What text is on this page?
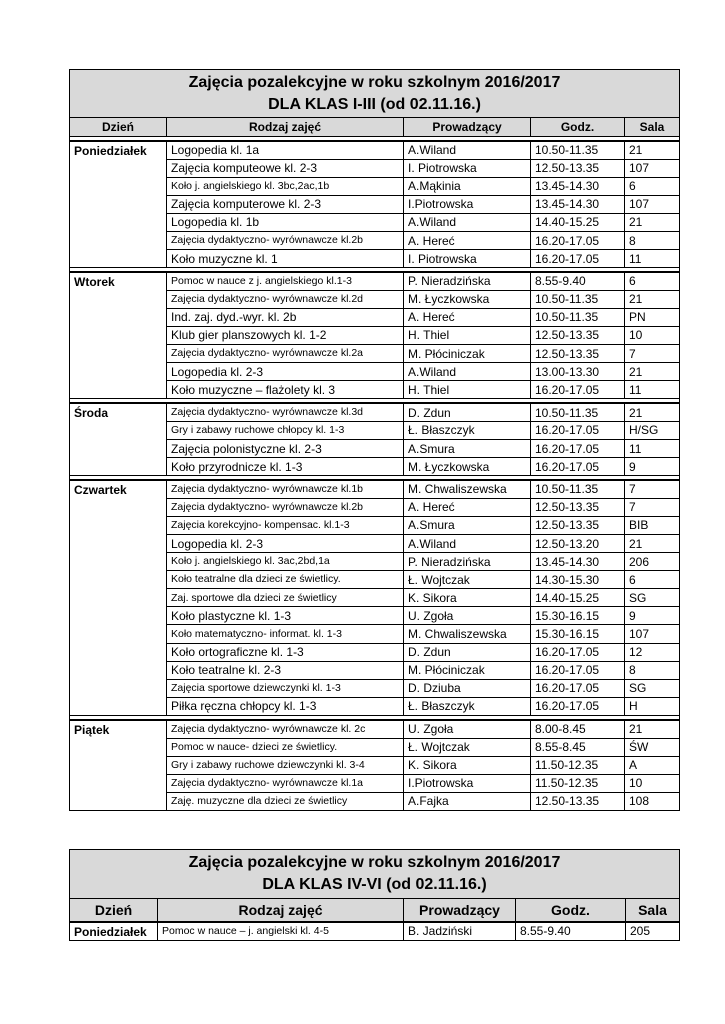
Zajęcia pozalekcyjne w roku szkolnym 2016/2017
DLA KLAS I-III (od 02.11.16.)				

Dzień	Rodzaj zajęć	Prowadzący	Godz.	Sala

Poniedziałek	Logopedia kl. 1a	A.Wiland	10.50-11.35	21
	Zajęcia komputeowe kl. 2-3	I. Piotrowska	12.50-13.35	107
	Koło j. angielskiego kl. 3bc,2ac,1b	A.Mąkinia	13.45-14.30	6
	Zajęcia komputerowe kl. 2-3	I.Piotrowska	13.45-14.30	107
	Logopedia kl. 1b	A.Wiland	14.40-15.25	21
	Zajęcia dydaktyczno- wyrównawcze kl.2b	A. Hereć	16.20-17.05	8
	Koło muzyczne kl. 1	I. Piotrowska	16.20-17.05	11

Wtorek	Pomoc w nauce z j. angielskiego kl.1-3	P. Nieradzińska	8.55-9.40	6
	Zajęcia dydaktyczno- wyrównawcze kl.2d	M. Łyczkowska	10.50-11.35	21
	Ind. zaj. dyd.-wyr. kl. 2b	A. Hereć	10.50-11.35	PN
	Klub gier planszowych kl. 1-2	H. Thiel	12.50-13.35	10
	Zajęcia dydaktyczno- wyrównawcze kl.2a	M. Płóciniczak	12.50-13.35	7
	Logopedia kl. 2-3	A.Wiland	13.00-13.30	21
	Koło muzyczne – flażolety kl. 3	H. Thiel	16.20-17.05	11

Środa	Zajęcia dydaktyczno- wyrównawcze kl.3d	D. Zdun	10.50-11.35	21
	Gry i zabawy ruchowe chłopcy kl. 1-3	Ł. Błaszczyk	16.20-17.05	H/SG
	Zajęcia polonistyczne kl. 2-3	A.Smura	16.20-17.05	11
	Koło przyrodnicze kl. 1-3	M. Łyczkowska	16.20-17.05	9

Czwartek	Zajęcia dydaktyczno- wyrównawcze kl.1b	M. Chwaliszewska	10.50-11.35	7
	Zajęcia dydaktyczno- wyrównawcze kl.2b	A. Hereć	12.50-13.35	7
	Zajęcia korekcyjno- kompensac. kl.1-3	A.Smura	12.50-13.35	BIB
	Logopedia kl. 2-3	A.Wiland	12.50-13.20	21
	Koło j. angielskiego kl. 3ac,2bd,1a	P. Nieradzińska	13.45-14.30	206
	Koło teatralne dla dzieci ze świetlicy.	Ł. Wojtczak	14.30-15.30	6
	Zaj. sportowe dla dzieci ze świetlicy	K. Sikora	14.40-15.25	SG
	Koło plastyczne kl. 1-3	U. Zgoła	15.30-16.15	9
	Koło matematyczno- informat. kl. 1-3	M. Chwaliszewska	15.30-16.15	107
	Koło ortograficzne kl. 1-3	D. Zdun	16.20-17.05	12
	Koło teatralne kl. 2-3	M. Płóciniczak	16.20-17.05	8
	Zajęcia sportowe dziewczynki kl. 1-3	D. Dziuba	16.20-17.05	SG
	Piłka ręczna chłopcy kl. 1-3	Ł. Błaszczyk	16.20-17.05	H

Piątek	Zajęcia dydaktyczno- wyrównawcze kl. 2c	U. Zgoła	8.00-8.45	21
	Pomoc w nauce- dzieci ze świetlicy.	Ł. Wojtczak	8.55-8.45	ŚW
	Gry i zabawy ruchowe dziewczynki kl. 3-4	K. Sikora	11.50-12.35	A
	Zajęcia dydaktyczno- wyrównawcze kl.1a	I.Piotrowska	11.50-12.35	10
	Zaję. muzyczne dla dzieci ze świetlicy	A.Fajka	12.50-13.35	108
Zajęcia pozalekcyjne w roku szkolnym 2016/2017
DLA KLAS IV-VI (od 02.11.16.)				

Dzień	Rodzaj zajęć	Prowadzący	Godz.	Sala
Poniedziałek	Pomoc w nauce – j. angielski kl. 4-5	B. Jadziński	8.55-9.40	205
